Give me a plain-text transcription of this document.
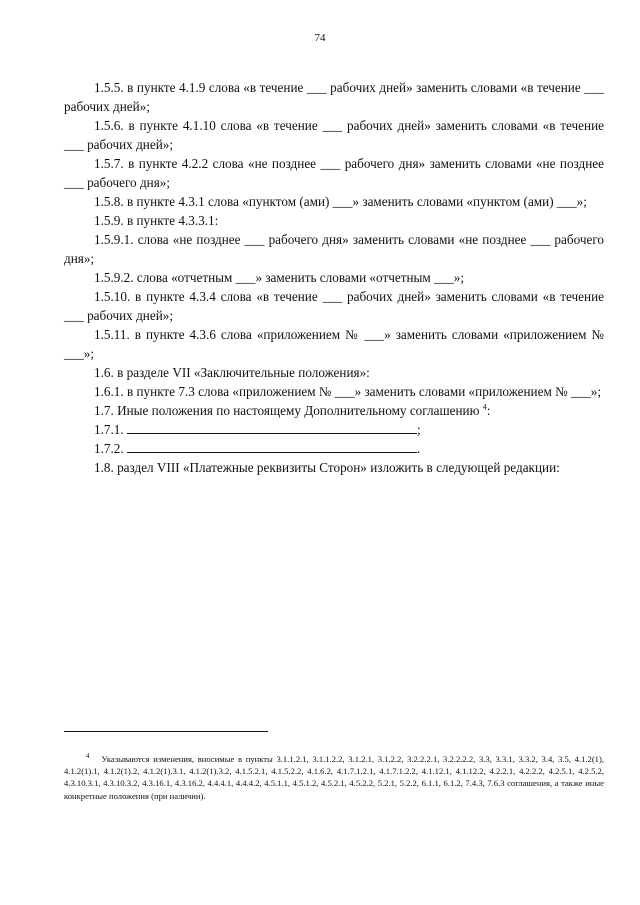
74

1.5.5. в пункте 4.1.9 слова «в течение ___ рабочих дней» заменить словами «в течение ___ рабочих дней»;

1.5.6. в пункте 4.1.10 слова «в течение ___ рабочих дней» заменить словами «в течение ___ рабочих дней»;

1.5.7. в пункте 4.2.2 слова «не позднее ___ рабочего дня» заменить словами «не позднее ___ рабочего дня»;

1.5.8. в пункте 4.3.1 слова «пунктом (ами) ___» заменить словами «пунктом (ами) ___»;

1.5.9. в пункте 4.3.3.1:

1.5.9.1. слова «не позднее ___ рабочего дня» заменить словами «не позднее ___ рабочего дня»;

1.5.9.2. слова «отчетным ___» заменить словами «отчетным ___»;

1.5.10. в пункте 4.3.4 слова «в течение ___ рабочих дней» заменить словами «в течение ___ рабочих дней»;

1.5.11. в пункте 4.3.6 слова «приложением № ___» заменить словами «приложением № ___»;

1.6. в разделе VII «Заключительные положения»:

1.6.1. в пункте 7.3 слова «приложением № ___» заменить словами «приложением № ___»;

1.7. Иные положения по настоящему Дополнительному соглашению $^4$:

1.7.1.	;

1.7.2.	.

1.8. раздел VIII «Платежные реквизиты Сторон» изложить в следующей редакции:

$^4$ Указываются изменения, вносимые в пункты 3.1.1.2.1, 3.1.1.2.2, 3.1.2.1, 3.1.2.2, 3.2.2.2.1, 3.2.2.2.2, 3.3, 3.3.1, 3.3.2, 3.4, 3.5, 4.1.2(1), 4.1.2(1).1, 4.1.2(1).2, 4.1.2(1).3.1, 4.1.2(1).3.2, 4.1.5.2.1, 4.1.5.2.2, 4.1.6.2, 4.1.7.1.2.1, 4.1.7.1.2.2, 4.1.12.1, 4.1.12.2, 4.2.2.1, 4.2.2.2, 4.2.5.1, 4.2.5.2, 4.3.10.3.1, 4.3.10.3.2, 4.3.16.1, 4.3.16.2, 4.4.4.1, 4.4.4.2, 4.5.1.1, 4.5.1.2, 4.5.2.1, 4.5.2.2, 5.2.1, 5.2.2, 6.1.1, 6.1.2, 7.4.3, 7.6.3 соглашения, а также иные конкретные положения (при наличии).
